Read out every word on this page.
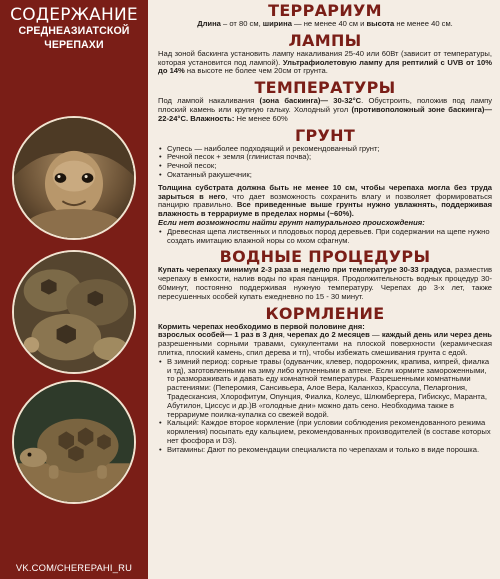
СОДЕРЖАНИЕ
СРЕДНЕАЗИАТСКОЙ
ЧЕРЕПАХИ
VK.COM/CHEREPAHI_RU
ТЕРРАРИУМ

Длина – от 80 см, ширина — не менее 40 см и высота не менее 40 см.

ЛАМПЫ

Над зоной баскинга установить лампу накаливания 25-40 или 60Вт (зависит от температуры, которая установится под лампой). Ультрафиолетовую лампу для рептилий с UVB от 10% до 14% на высоте не более чем 20см от грунта.

ТЕМПЕРАТУРЫ

Под лампой накаливания (зона баскинга)— 30-32°С. Обустроить, положив под лампу плоский камень или крупную гальку. Холодный угол (противоположный зоне баскинга)— 22-24°С. Влажность: Не менее 60%

ГРУНТ
• Супесь — наиболее подходящий и рекомендованный грунт;
• Речной песок + земля (глинистая почва);
• Речной песок;
• Окатанный ракушечник;

Толщина субстрата должна быть не менее 10 см, чтобы черепаха могла без труда зарыться в него, что дает возможность сохранить влагу и позволяет формироваться панцирю правильно. Все приведенные выше грунты нужно увлажнять, поддерживая влажность в террариуме в пределах нормы (~60%).

Если нет возможности найти грунт натурального происхождения:

• Древесная щепа лиственных и плодовых пород деревьев. При содержании на щепе нужно создать имитацию влажной норы со мхом сфагнум.
ВОДНЫЕ ПРОЦЕДУРЫ

Купать черепаху минимум 2-3 раза в неделю при температуре 30-33 градуса, разместив черепаху в емкости, налив воды по края панциря. Продолжительность водных процедур 30-60минут, постоянно поддерживая нужную температуру. Черепах до 3-х лет, также пересушенных особей купать ежедневно по 15 - 30 минут.

КОРМЛЕНИЕ

Кормить черепах необходимо в первой половине дня:

взрослых особей— 1 раз в 3 дня, черепах до 2 месяцев — каждый день или через день разрешенными сорными травами, суккулентами на плоской поверхности (керамическая плитка, плоский камень, спил дерева и тп), чтобы избежать смешивания грунта с едой.

• В зимний период: сорные травы (одуванчик, клевер, подорожник, крапива, кипрей, фиалка и тд), заготовленными на зиму либо купленными в аптеке. Если кормите замороженными, то размораживать и давать еду комнатной температуры. Разрешенными комнатными растениями: (Пеперомия, Сансивьера, Алое Вера, Каланхоэ, Крассула, Пеларгония, Традескансия, Хлорофитум, Опунция, Фиалка, Колеус, Шлюмбергера, Гибискус, Маранта, Абутилон, Циссус и др.)В «голодные дни» можно дать сено. Необходима также в террариуме поилка-купалка со свежей водой.
• Кальций: Каждое второе кормление (при условии соблюдения рекомендованного режима кормления) посыпать еду кальцием, рекомендованных производителей (в составе которых нет фосфора и D3).
• Витамины: Дают по рекомендации специалиста по черепахам и только в виде порошка.
